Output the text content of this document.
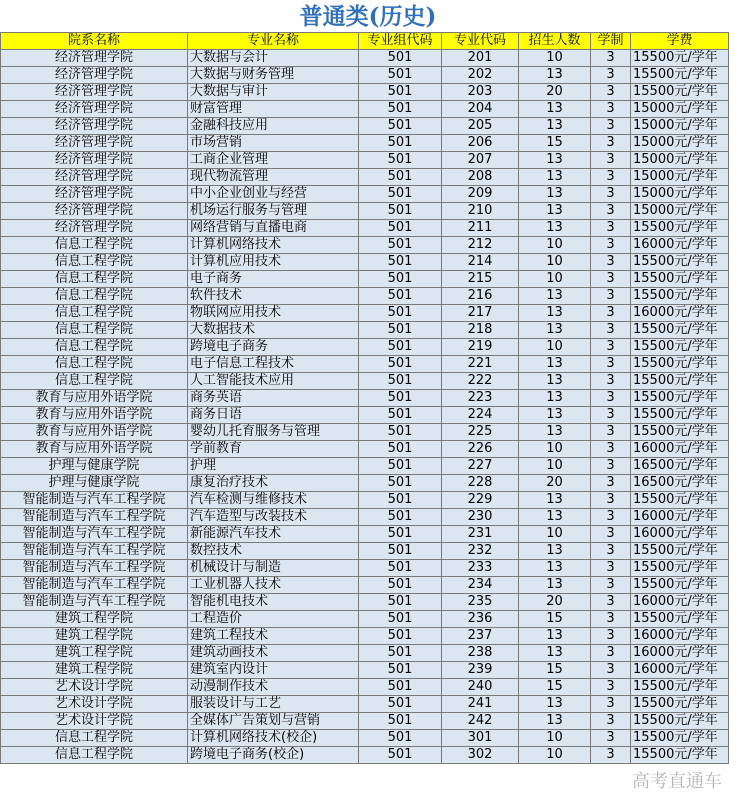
普通类(历史)
院系名称	专业名称	专业组代码	专业代码	招生人数	学制	学费
经济管理学院	大数据与会计	501	201	10	3	15500元/学年
经济管理学院	大数据与财务管理	501	202	13	3	15500元/学年
经济管理学院	大数据与审计	501	203	20	3	15500元/学年
经济管理学院	财富管理	501	204	13	3	15000元/学年
经济管理学院	金融科技应用	501	205	13	3	15000元/学年
经济管理学院	市场营销	501	206	15	3	15000元/学年
经济管理学院	工商企业管理	501	207	13	3	15000元/学年
经济管理学院	现代物流管理	501	208	13	3	15000元/学年
经济管理学院	中小企业创业与经营	501	209	13	3	15000元/学年
经济管理学院	机场运行服务与管理	501	210	13	3	15000元/学年
经济管理学院	网络营销与直播电商	501	211	13	3	15500元/学年
信息工程学院	计算机网络技术	501	212	10	3	16000元/学年
信息工程学院	计算机应用技术	501	214	10	3	15500元/学年
信息工程学院	电子商务	501	215	10	3	15500元/学年
信息工程学院	软件技术	501	216	13	3	15500元/学年
信息工程学院	物联网应用技术	501	217	13	3	16000元/学年
信息工程学院	大数据技术	501	218	13	3	15500元/学年
信息工程学院	跨境电子商务	501	219	10	3	15500元/学年
信息工程学院	电子信息工程技术	501	221	13	3	15500元/学年
信息工程学院	人工智能技术应用	501	222	13	3	15500元/学年
教育与应用外语学院	商务英语	501	223	13	3	15500元/学年
教育与应用外语学院	商务日语	501	224	13	3	15500元/学年
教育与应用外语学院	婴幼儿托育服务与管理	501	225	13	3	15500元/学年
教育与应用外语学院	学前教育	501	226	10	3	16000元/学年
护理与健康学院	护理	501	227	10	3	16500元/学年
护理与健康学院	康复治疗技术	501	228	20	3	16500元/学年
智能制造与汽车工程学院	汽车检测与维修技术	501	229	13	3	15500元/学年
智能制造与汽车工程学院	汽车造型与改装技术	501	230	13	3	16000元/学年
智能制造与汽车工程学院	新能源汽车技术	501	231	10	3	16000元/学年
智能制造与汽车工程学院	数控技术	501	232	13	3	15500元/学年
智能制造与汽车工程学院	机械设计与制造	501	233	13	3	15500元/学年
智能制造与汽车工程学院	工业机器人技术	501	234	13	3	15500元/学年
智能制造与汽车工程学院	智能机电技术	501	235	20	3	16000元/学年
建筑工程学院	工程造价	501	236	15	3	15500元/学年
建筑工程学院	建筑工程技术	501	237	13	3	16000元/学年
建筑工程学院	建筑动画技术	501	238	13	3	16000元/学年
建筑工程学院	建筑室内设计	501	239	15	3	16000元/学年
艺术设计学院	动漫制作技术	501	240	15	3	15500元/学年
艺术设计学院	服装设计与工艺	501	241	13	3	15500元/学年
艺术设计学院	全媒体广告策划与营销	501	242	13	3	15500元/学年
信息工程学院	计算机网络技术(校企)	501	301	10	3	15500元/学年
信息工程学院	跨境电子商务(校企)	501	302	10	3	15500元/学年
高考直通车
